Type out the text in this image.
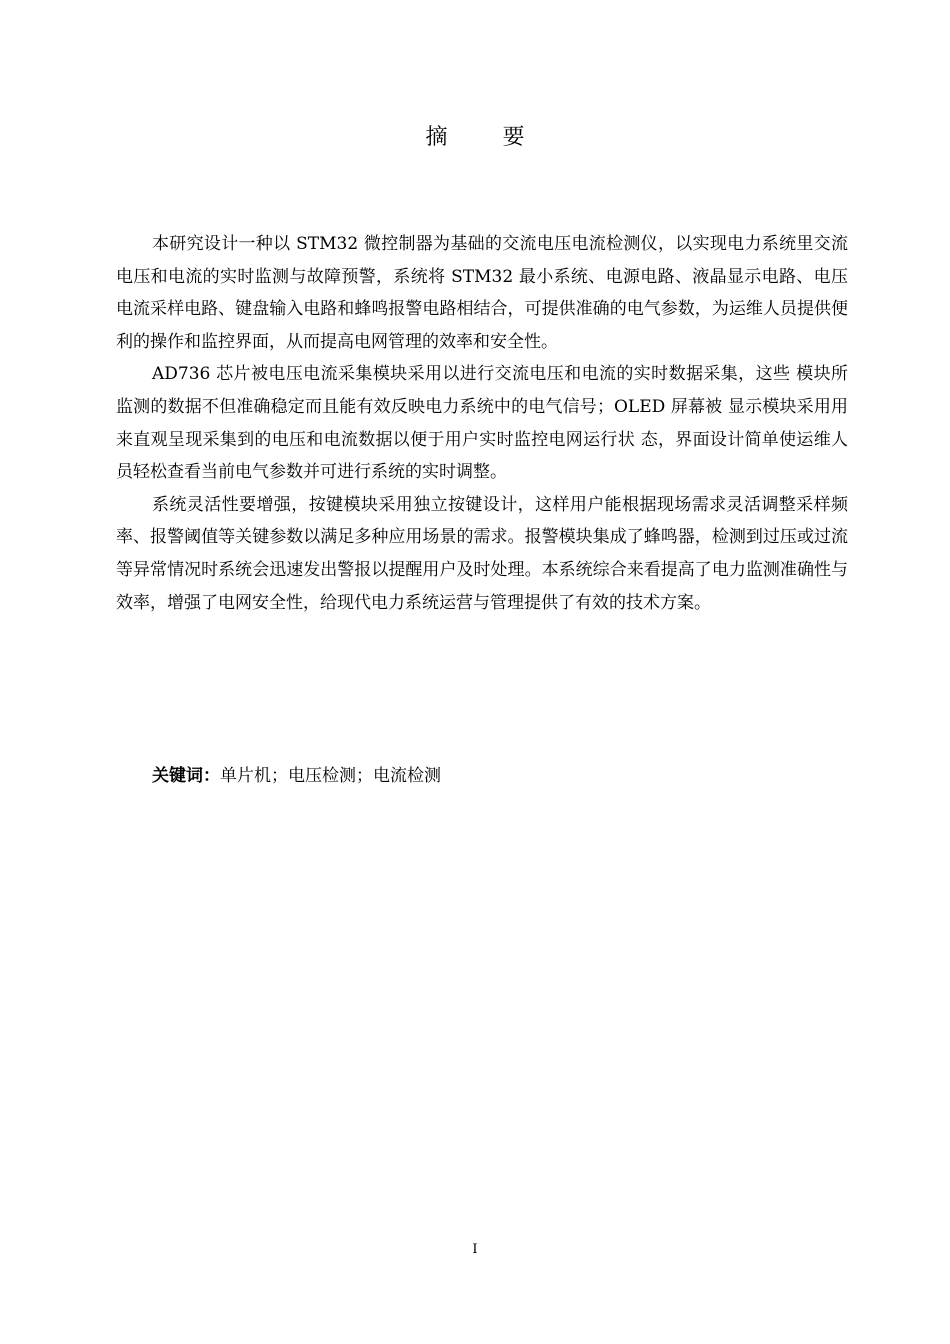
摘 要

本研究设计一种以 STM32 微控制器为基础的交流电压电流检测仪，以实现电力系统里交流电压和电流的实时监测与故障预警，系统将 STM32 最小系统、电源电路、液晶显示电路、电压电流采样电路、键盘输入电路和蜂鸣报警电路相结合，可提供准确的电气参数，为运维人员提供便利的操作和监控界面，从而提高电网管理的效率和安全性。

AD736 芯片被电压电流采集模块采用以进行交流电压和电流的实时数据采集，这些 模块所监测的数据不但准确稳定而且能有效反映电力系统中的电气信号；OLED 屏幕被 显示模块采用用来直观呈现采集到的电压和电流数据以便于用户实时监控电网运行状 态，界面设计简单使运维人员轻松查看当前电气参数并可进行系统的实时调整。

系统灵活性要增强，按键模块采用独立按键设计，这样用户能根据现场需求灵活调整采样频率、报警阈值等关键参数以满足多种应用场景的需求。报警模块集成了蜂鸣器，检测到过压或过流等异常情况时系统会迅速发出警报以提醒用户及时处理。本系统综合来看提高了电力监测准确性与效率，增强了电网安全性，给现代电力系统运营与管理提供了有效的技术方案。

关键词：单片机；电压检测；电流检测
I
